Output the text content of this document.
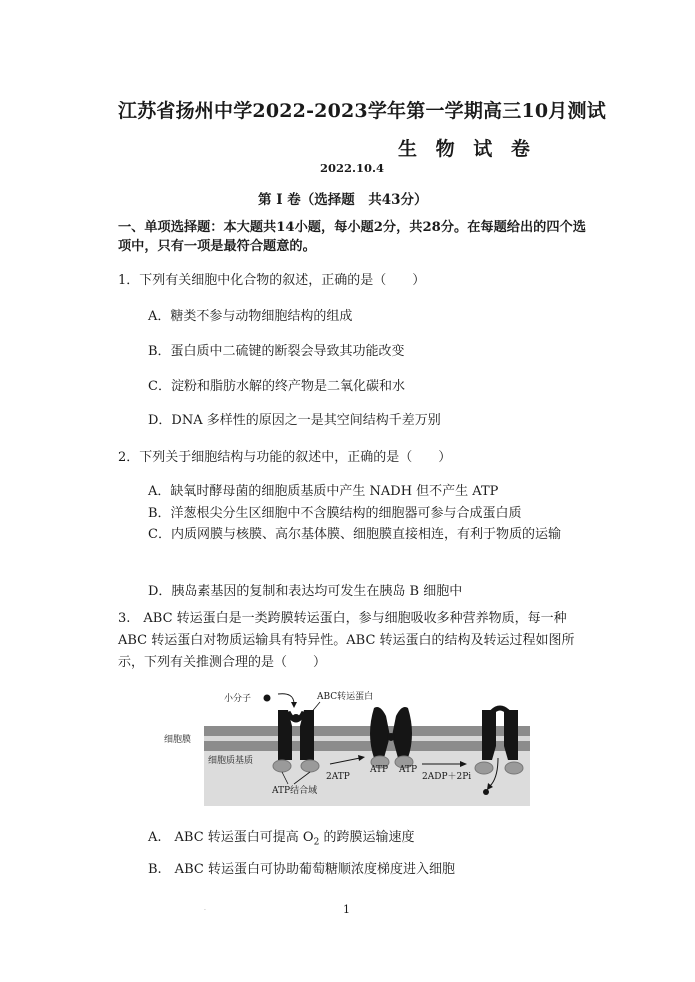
江苏省扬州中学2022-2023学年第一学期高三10月测试
生 物 试 卷
2022.10.4
第 Ⅰ 卷（选择题　共43分）
一、单项选择题：本大题共14小题，每小题2分，共28分。在每题给出的四个选项中，只有一项是最符合题意的。
1．下列有关细胞中化合物的叙述，正确的是（　　）
A．糖类不参与动物细胞结构的组成
B．蛋白质中二硫键的断裂会导致其功能改变
C．淀粉和脂肪水解的终产物是二氧化碳和水
D．DNA 多样性的原因之一是其空间结构千差万别
2．下列关于细胞结构与功能的叙述中，正确的是（　　）
A．缺氧时酵母菌的细胞质基质中产生 NADH 但不产生 ATP
B．洋葱根尖分生区细胞中不含膜结构的细胞器可参与合成蛋白质
C．内质网膜与核膜、高尔基体膜、细胞膜直接相连，有利于物质的运输
D．胰岛素基因的复制和表达均可发生在胰岛 B 细胞中
3.　ABC 转运蛋白是一类跨膜转运蛋白，参与细胞吸收多种营养物质，每一种 ABC 转运蛋白对物质运输具有特异性。ABC 转运蛋白的结构及转运过程如图所示，下列有关推测合理的是（　　）
小分子	ABC转运蛋白
细胞膜
细胞质基质
ATP结合域
2ATP
ATP ATP
2ADP＋2Pi
A.　ABC 转运蛋白可提高 $O_2$ 的跨膜运输速度
B.　ABC 转运蛋白可协助葡萄糖顺浓度梯度进入细胞
.	1
